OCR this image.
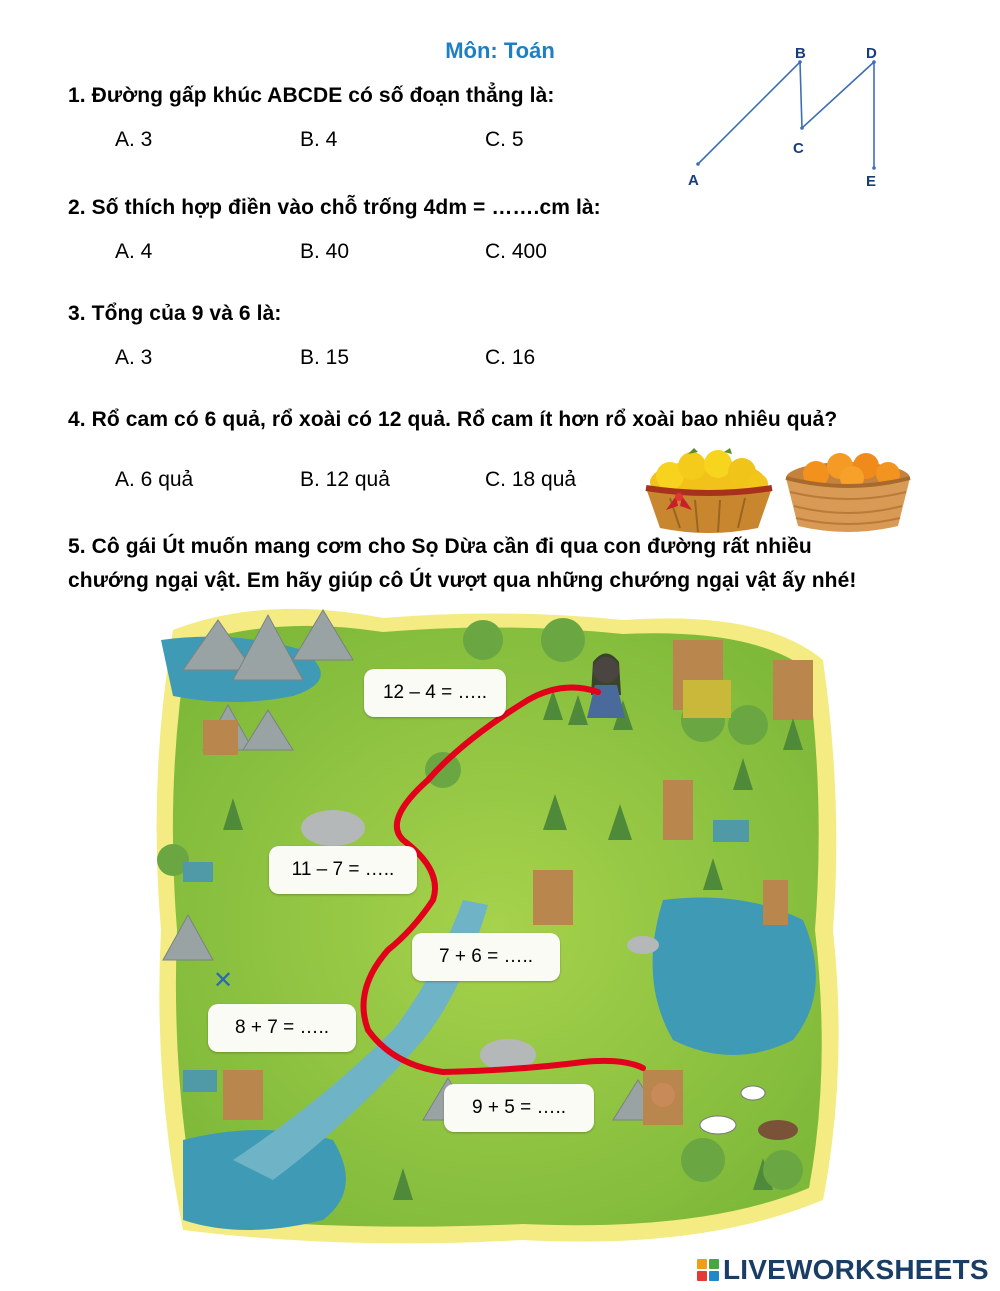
Môn: Toán
1. Đường gấp khúc ABCDE có số đoạn thẳng là:
A. 3	B. 4	C. 5
A
B
C
D
E
2. Số thích hợp điền vào chỗ trống 4dm = …….cm là:
A. 4	B. 40	C. 400
3. Tổng của 9 và 6 là:
A. 3	B. 15	C. 16
4. Rổ cam có 6 quả, rổ xoài có 12 quả. Rổ cam ít hơn rổ xoài bao nhiêu quả?
A. 6 quả	B. 12 quả	C. 18 quả
5. Cô gái Út muốn mang cơm cho Sọ Dừa cần đi qua con đường rất nhiều
chướng ngại vật. Em hãy giúp cô Út vượt qua những chướng ngại vật ấy nhé!
✕
12 – 4 = …..
11 – 7 = …..
7 + 6 = …..
8 + 7 = …..
9 + 5 = …..
LIVEWORKSHEETS
